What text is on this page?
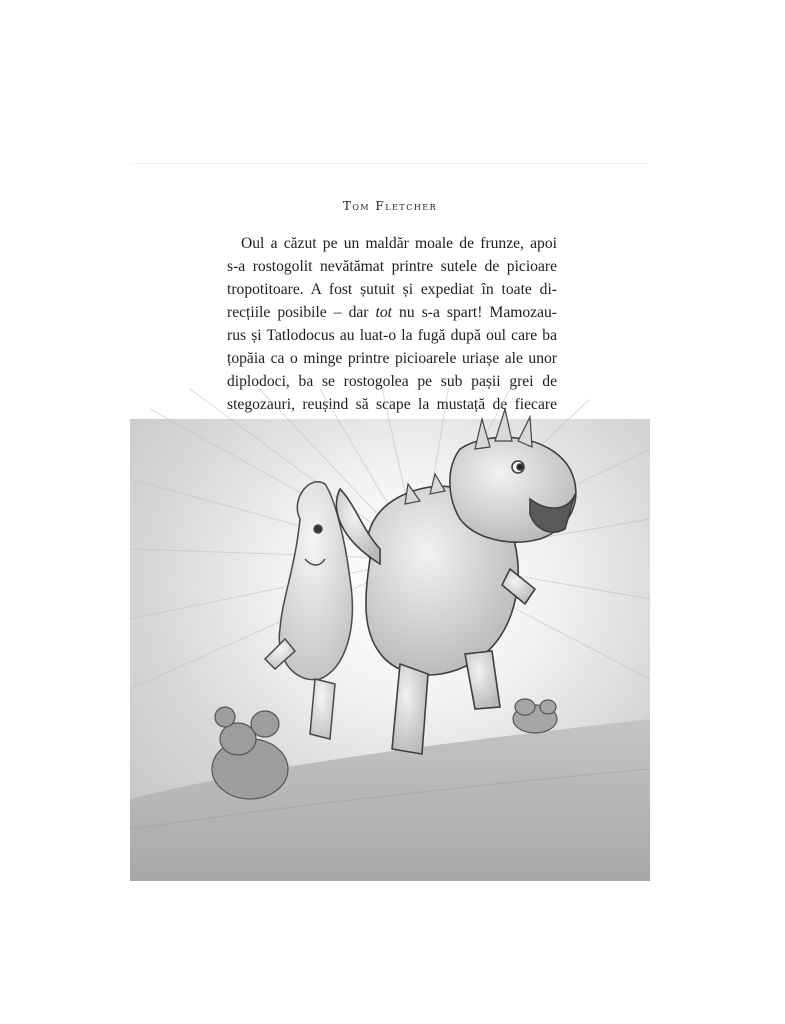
Tom Fletcher
Oul a căzut pe un maldăr moale de frunze, apoi
s-a rostogolit nevătămat printre sutele de picioare
tropotitoare. A fost șutuit și expediat în toate di-
recțiile posibile – dar tot nu s-a spart! Mamozau-
rus și Tatlodocus au luat-o la fugă după oul care ba
țopăia ca o minge printre picioarele uriașe ale unor
diplodoci, ba se rostogolea pe sub pașii grei de
stegozauri, reușind să scape la mustață de fiecare
